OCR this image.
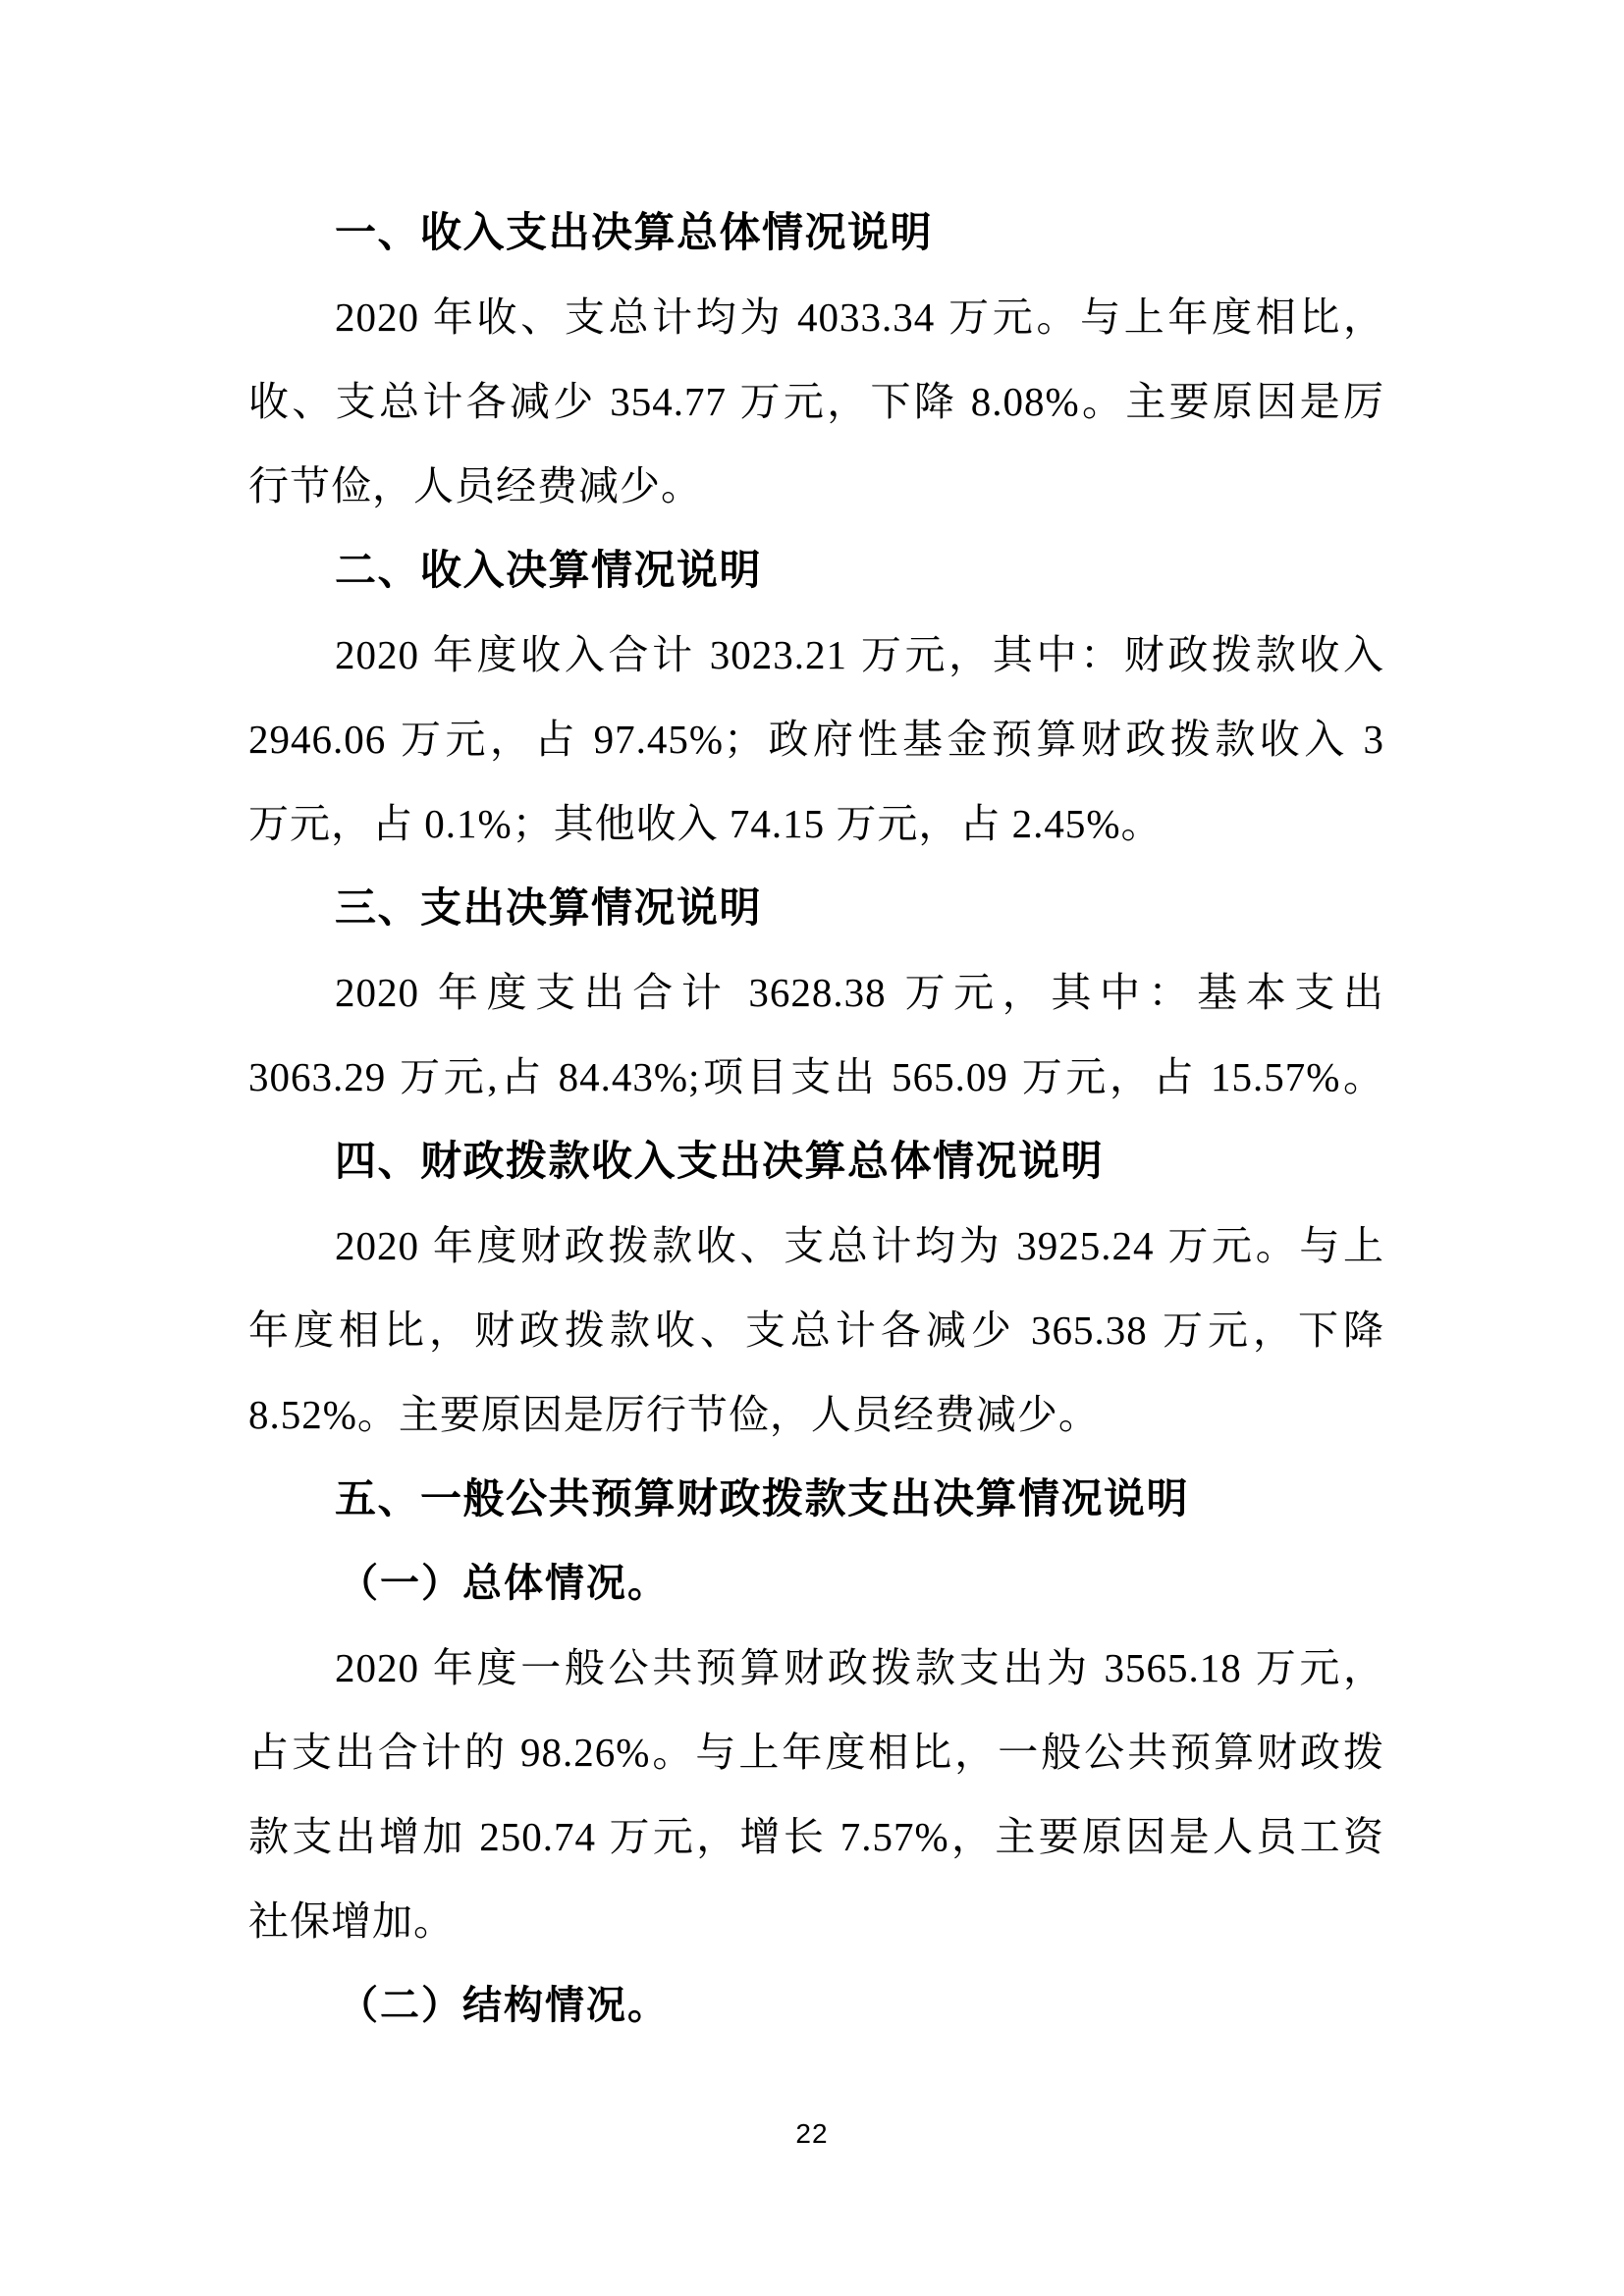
一、收入支出决算总体情况说明
2020 年收、支总计均为 4033.34 万元。与上年度相比，
收、支总计各减少 354.77 万元，下降 8.08%。主要原因是厉
行节俭，人员经费减少。
二、收入决算情况说明
2020 年度收入合计 3023.21 万元，其中：财政拨款收入
2946.06 万元，占 97.45%；政府性基金预算财政拨款收入 3
万元，占 0.1%；其他收入 74.15 万元，占 2.45%。
三、支出决算情况说明
2020 年度支出合计 3628.38 万元，其中：基本支出
3063.29 万元,占 84.43%;项目支出 565.09 万元，占 15.57%。
四、财政拨款收入支出决算总体情况说明
2020 年度财政拨款收、支总计均为 3925.24 万元。与上
年度相比，财政拨款收、支总计各减少 365.38 万元，下降
8.52%。主要原因是厉行节俭，人员经费减少。
五、一般公共预算财政拨款支出决算情况说明
（一）总体情况。
2020 年度一般公共预算财政拨款支出为 3565.18 万元，
占支出合计的 98.26%。与上年度相比，一般公共预算财政拨
款支出增加 250.74 万元，增长 7.57%，主要原因是人员工资
社保增加。
（二）结构情况。
22
